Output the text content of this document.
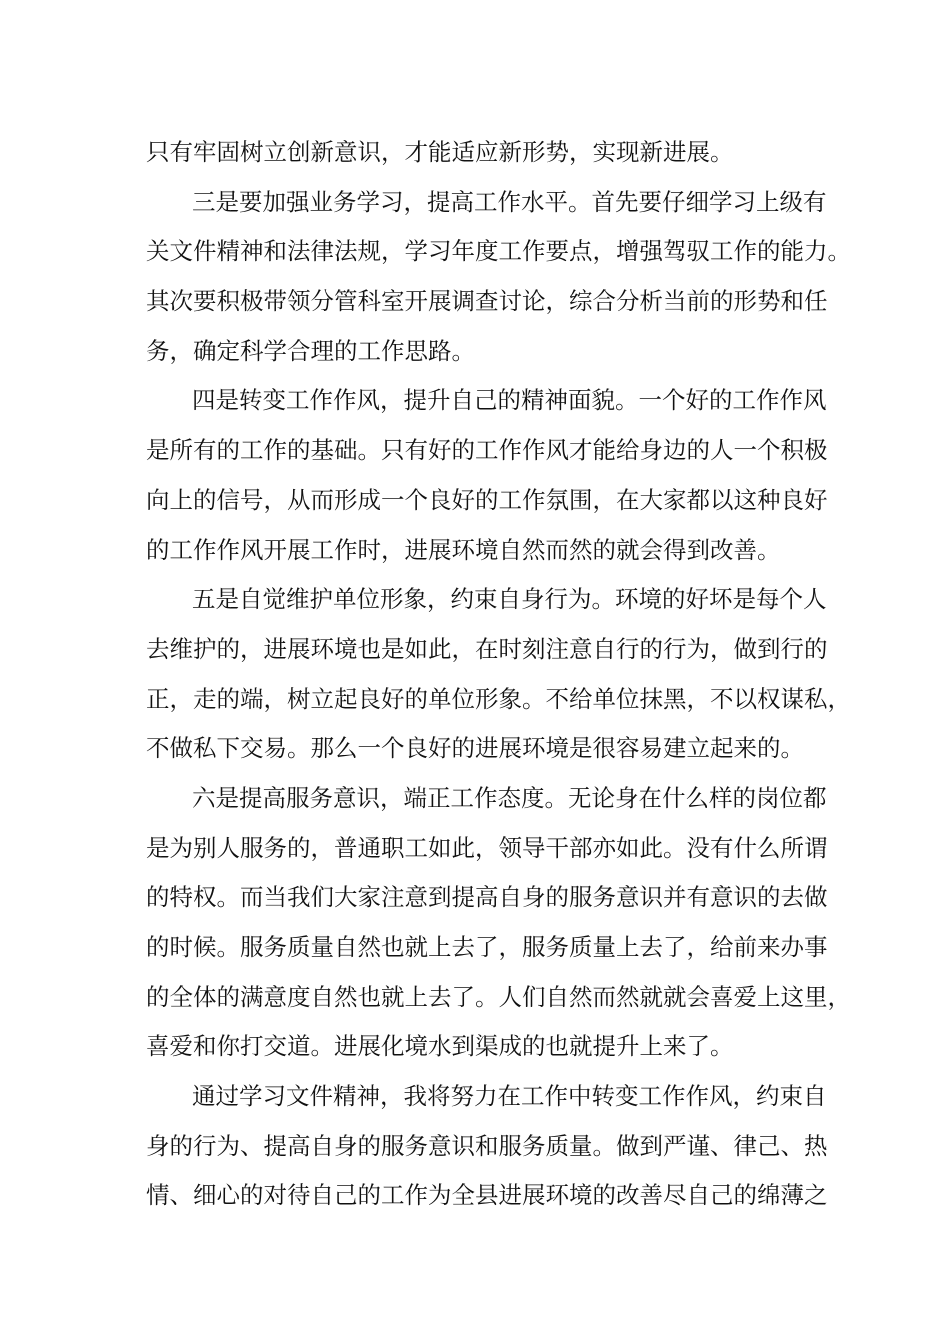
只有牢固树立创新意识，才能适应新形势，实现新进展。
三是要加强业务学习，提高工作水平。首先要仔细学习上级有
关文件精神和法律法规，学习年度工作要点，增强驾驭工作的能力。
其次要积极带领分管科室开展调查讨论，综合分析当前的形势和任
务，确定科学合理的工作思路。
四是转变工作作风，提升自己的精神面貌。一个好的工作作风
是所有的工作的基础。只有好的工作作风才能给身边的人一个积极
向上的信号，从而形成一个良好的工作氛围，在大家都以这种良好
的工作作风开展工作时，进展环境自然而然的就会得到改善。
五是自觉维护单位形象，约束自身行为。环境的好坏是每个人
去维护的，进展环境也是如此，在时刻注意自行的行为，做到行的
正，走的端，树立起良好的单位形象。不给单位抹黑，不以权谋私，
不做私下交易。那么一个良好的进展环境是很容易建立起来的。
六是提高服务意识，端正工作态度。无论身在什么样的岗位都
是为别人服务的，普通职工如此，领导干部亦如此。没有什么所谓
的特权。而当我们大家注意到提高自身的服务意识并有意识的去做
的时候。服务质量自然也就上去了，服务质量上去了，给前来办事
的全体的满意度自然也就上去了。人们自然而然就就会喜爱上这里，
喜爱和你打交道。进展化境水到渠成的也就提升上来了。
通过学习文件精神，我将努力在工作中转变工作作风，约束自
身的行为、提高自身的服务意识和服务质量。做到严谨、律己、热
情、细心的对待自己的工作为全县进展环境的改善尽自己的绵薄之
